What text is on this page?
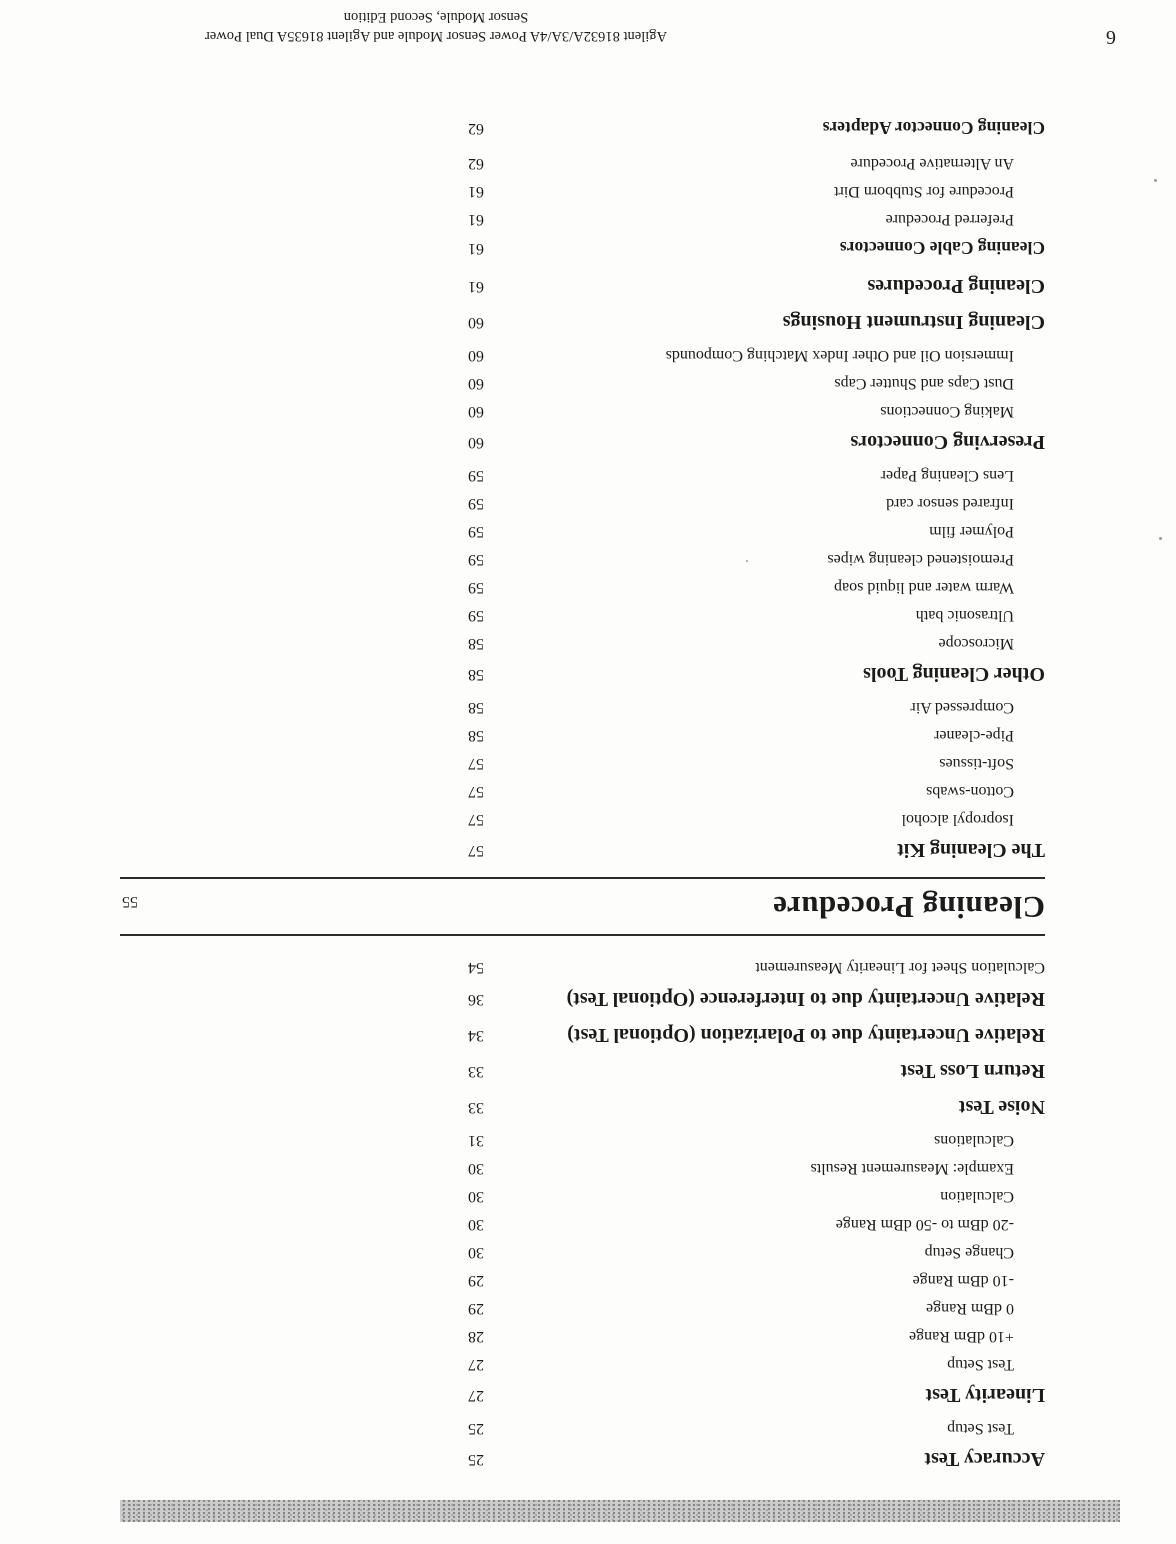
Accuracy Test
25
Test Setup
25
Linearity Test
27
Test Setup
27
+10 dBm Range
28
0 dBm Range
29
-10 dBm Range
29
Change Setup
30
-20 dBm to -50 dBm Range
30
Calculation
30
Example: Measurement Results
30
Calculations
31
Noise Test
33
Return Loss Test
33
Relative Uncertainty due to Polarization (Optional Test)
34
Relative Uncertainty due to Interference (Optional Test)
36
Calculation Sheet for Linearity Measurement
54
Cleaning Procedure
55
The Cleaning Kit
57
Isopropyl alcohol
57
Cotton-swabs
57
Soft-tissues
57
Pipe-cleaner
58
Compressed Air
58
Other Cleaning Tools
58
Microscope
58
Ultrasonic bath
59
Warm water and liquid soap
59
Premoistened cleaning wipes
59
Polymer film
59
Infrared sensor card
59
Lens Cleaning Paper
59
Preserving Connectors
60
Making Connections
60
Dust Caps and Shutter Caps
60
Immersion Oil and Other Index Matching Compounds
60
Cleaning Instrument Housings
60
Cleaning Procedures
61
Cleaning Cable Connectors
61
Preferred Procedure
61
Procedure for Stubborn Dirt
61
An Alternative Procedure
62
Cleaning Connector Adapters
62
6
Agilent 81632A/3A/4A Power Sensor Module and Agilent 81635A Dual Power
Sensor Module, Second Edition
